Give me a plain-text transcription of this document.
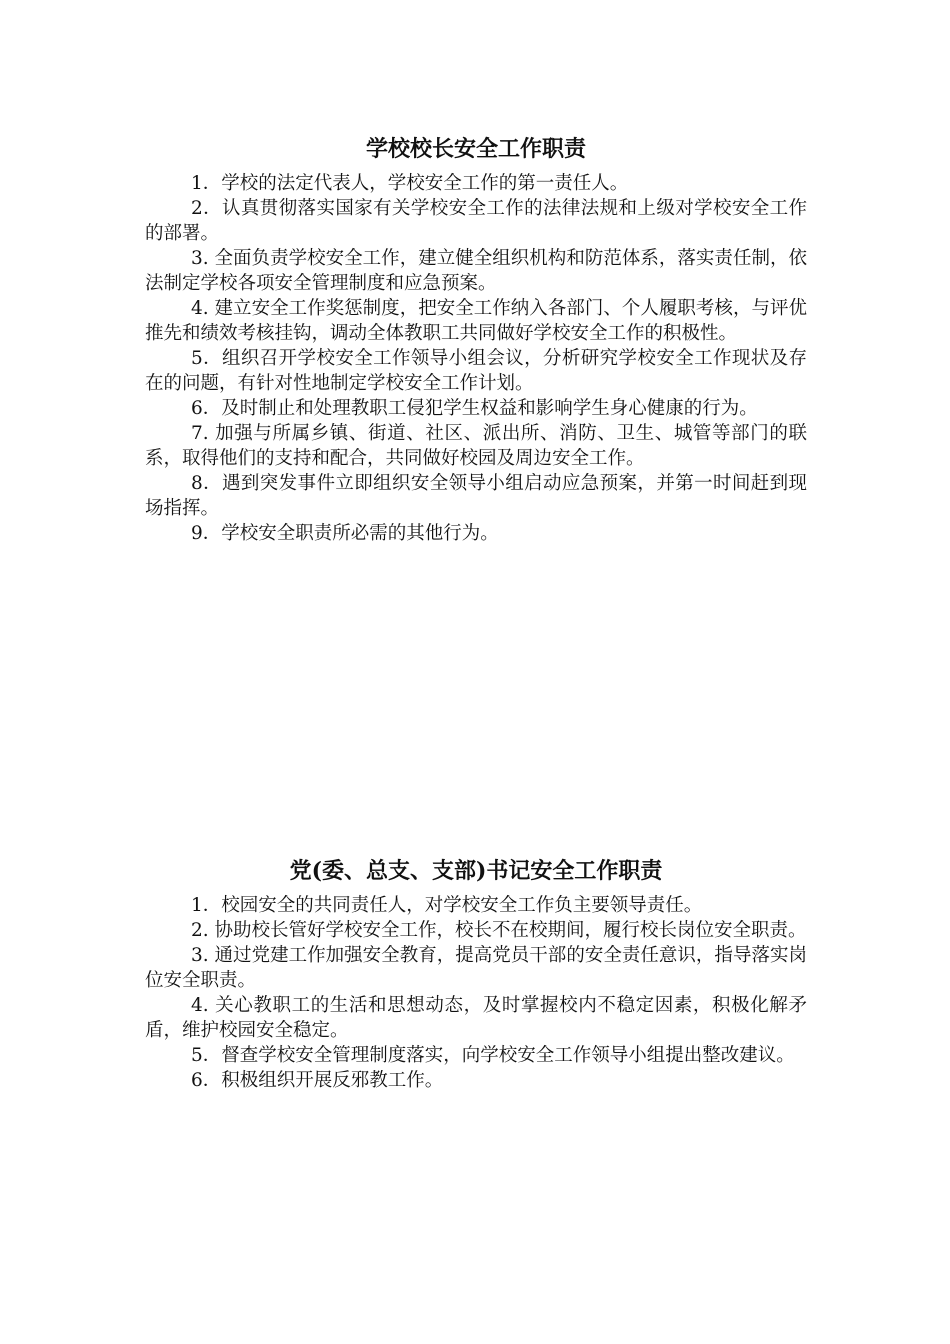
学校校长安全工作职责

1．学校的法定代表人，学校安全工作的第一责任人。

2．认真贯彻落实国家有关学校安全工作的法律法规和上级对学校安全工作的部署。

3. 全面负责学校安全工作，建立健全组织机构和防范体系，落实责任制，依法制定学校各项安全管理制度和应急预案。

4. 建立安全工作奖惩制度，把安全工作纳入各部门、个人履职考核，与评优推先和绩效考核挂钩，调动全体教职工共同做好学校安全工作的积极性。

5．组织召开学校安全工作领导小组会议，分析研究学校安全工作现状及存在的问题，有针对性地制定学校安全工作计划。

6．及时制止和处理教职工侵犯学生权益和影响学生身心健康的行为。

7. 加强与所属乡镇、街道、社区、派出所、消防、卫生、城管等部门的联系，取得他们的支持和配合，共同做好校园及周边安全工作。

8．遇到突发事件立即组织安全领导小组启动应急预案，并第一时间赶到现场指挥。

9．学校安全职责所必需的其他行为。

党(委、总支、支部)书记安全工作职责

1．校园安全的共同责任人，对学校安全工作负主要领导责任。

2. 协助校长管好学校安全工作，校长不在校期间，履行校长岗位安全职责。

3. 通过党建工作加强安全教育，提高党员干部的安全责任意识，指导落实岗位安全职责。

4. 关心教职工的生活和思想动态，及时掌握校内不稳定因素，积极化解矛盾，维护校园安全稳定。

5．督查学校安全管理制度落实，向学校安全工作领导小组提出整改建议。

6．积极组织开展反邪教工作。
